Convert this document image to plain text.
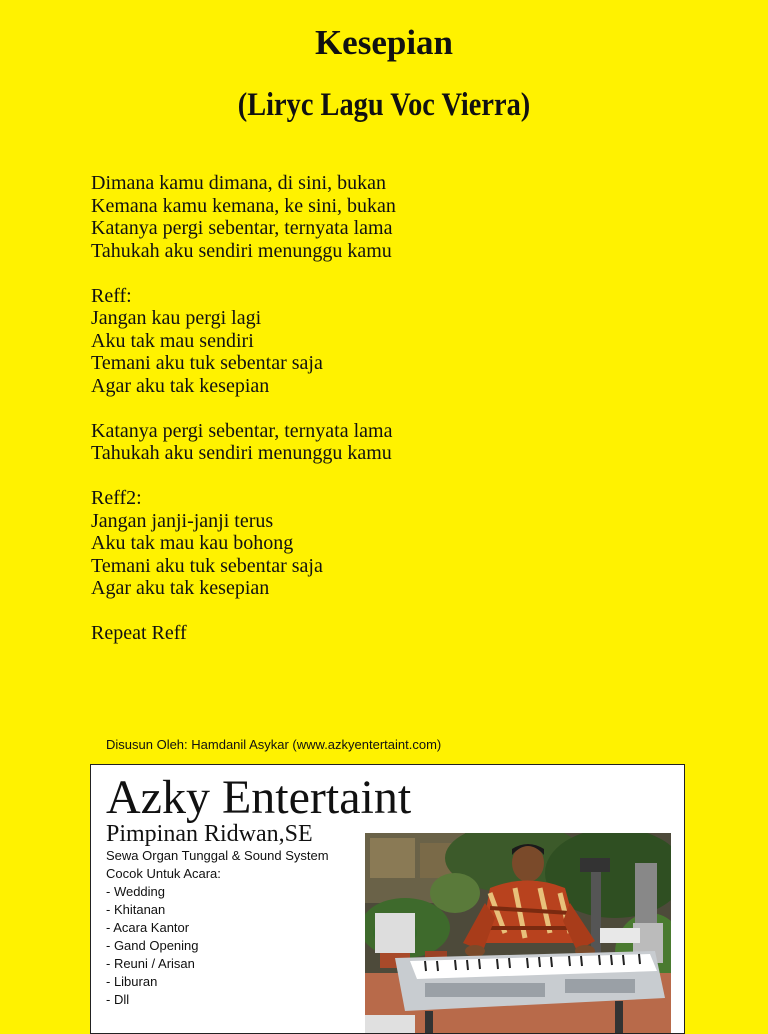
Kesepian
(Liryc Lagu Voc Vierra)
Dimana kamu dimana, di sini, bukan
Kemana kamu kemana, ke sini, bukan
Katanya pergi sebentar, ternyata lama
Tahukah aku sendiri menunggu kamu
Reff:
Jangan kau pergi lagi
Aku tak mau sendiri
Temani aku tuk sebentar saja
Agar aku tak kesepian
Katanya pergi sebentar, ternyata lama
Tahukah aku sendiri menunggu kamu
Reff2:
Jangan janji-janji terus
Aku tak mau kau bohong
Temani aku tuk sebentar saja
Agar aku tak kesepian
Repeat Reff
Disusun Oleh: Hamdanil Asykar (www.azkyentertaint.com)
Azky Entertaint
Pimpinan Ridwan,SE
Sewa Organ Tunggal & Sound System
Cocok Untuk Acara:
- Wedding
- Khitanan
- Acara Kantor
- Gand Opening
- Reuni / Arisan
- Liburan
- Dll
